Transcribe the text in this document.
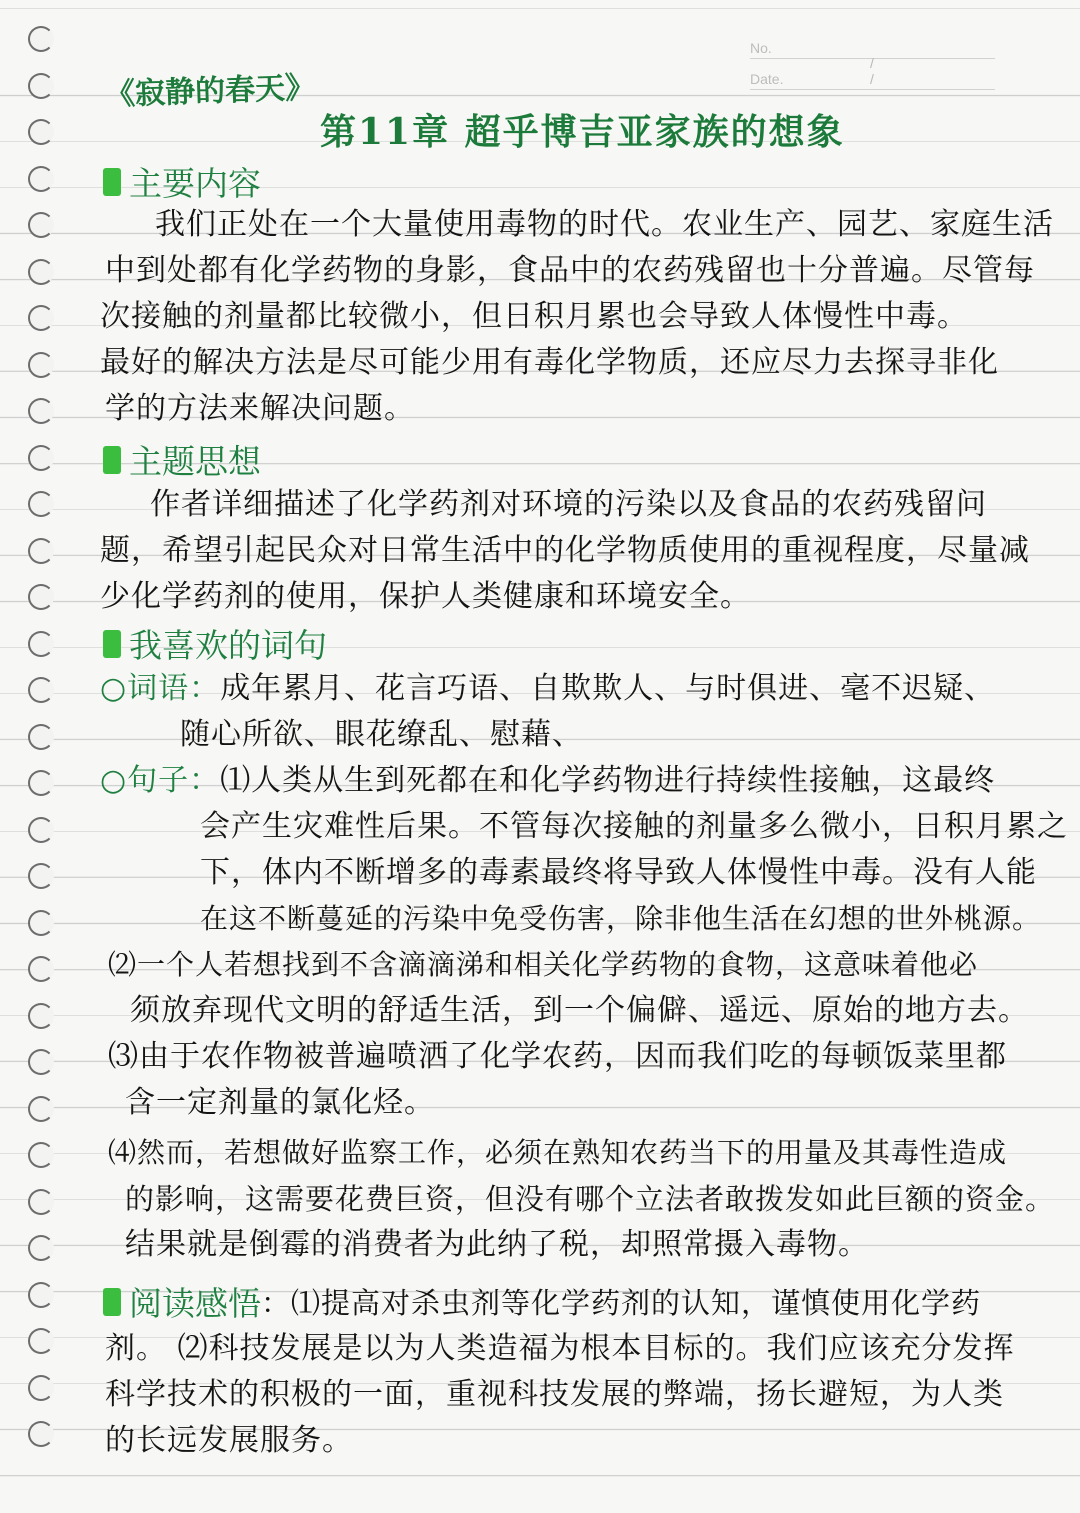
No.
Date.
/ /
《寂静的春天》
第11章 超乎博吉亚家族的想象
主要内容
我们正处在一个大量使用毒物的时代。农业生产、园艺、家庭生活
中到处都有化学药物的身影，食品中的农药残留也十分普遍。尽管每
次接触的剂量都比较微小，但日积月累也会导致人体慢性中毒。
最好的解决方法是尽可能少用有毒化学物质，还应尽力去探寻非化
学的方法来解决问题。
主题思想
作者详细描述了化学药剂对环境的污染以及食品的农药残留问
题，希望引起民众对日常生活中的化学物质使用的重视程度，尽量减
少化学药剂的使用，保护人类健康和环境安全。
我喜欢的词句
○词语：成年累月、花言巧语、自欺欺人、与时俱进、毫不迟疑、
随心所欲、眼花缭乱、慰藉、
○句子：⑴人类从生到死都在和化学药物进行持续性接触，这最终
会产生灾难性后果。不管每次接触的剂量多么微小，日积月累之
下，体内不断增多的毒素最终将导致人体慢性中毒。没有人能
在这不断蔓延的污染中免受伤害，除非他生活在幻想的世外桃源。
⑵一个人若想找到不含滴滴涕和相关化学药物的食物，这意味着他必
须放弃现代文明的舒适生活，到一个偏僻、遥远、原始的地方去。
⑶由于农作物被普遍喷洒了化学农药，因而我们吃的每顿饭菜里都
含一定剂量的氯化烃。
⑷然而，若想做好监察工作，必须在熟知农药当下的用量及其毒性造成
的影响，这需要花费巨资，但没有哪个立法者敢拨发如此巨额的资金。
结果就是倒霉的消费者为此纳了税，却照常摄入毒物。
阅读感悟 ：⑴提高对杀虫剂等化学药剂的认知，谨慎使用化学药
剂。 ⑵科技发展是以为人类造福为根本目标的。我们应该充分发挥
科学技术的积极的一面，重视科技发展的弊端，扬长避短，为人类
的长远发展服务。
